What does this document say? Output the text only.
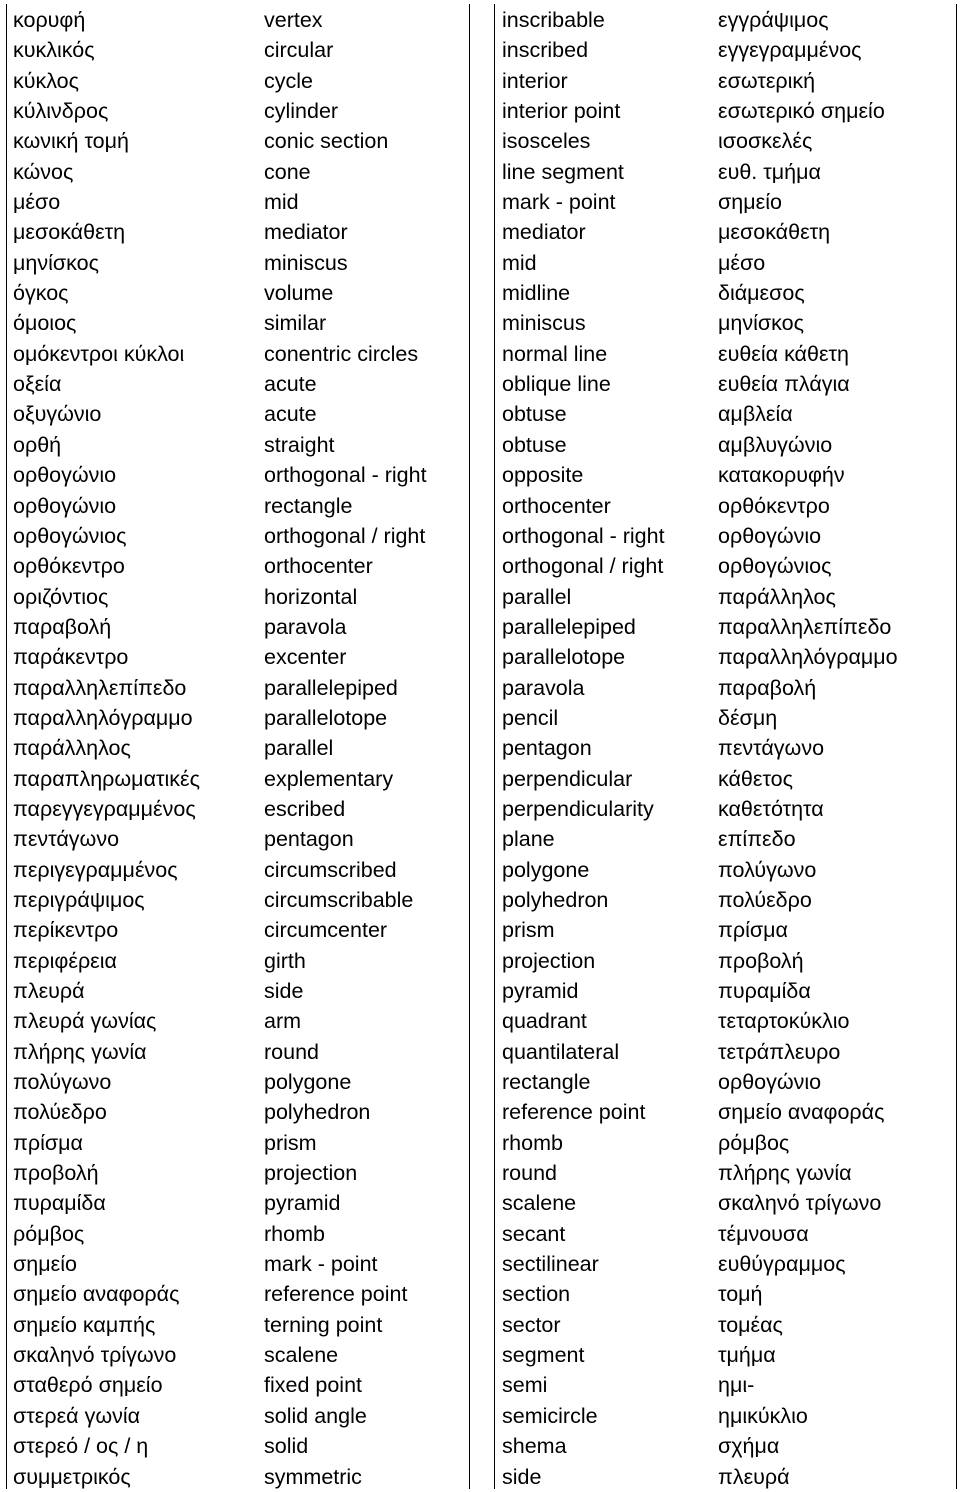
κορυφή
κυκλικός
κύκλος
κύλινδρος
κωνική τομή
κώνος
μέσο
μεσοκάθετη
μηνίσκος
όγκος
όμοιος
ομόκεντροι κύκλοι
οξεία
οξυγώνιο
ορθή
ορθογώνιο
ορθογώνιο
ορθογώνιος
ορθόκεντρο
οριζόντιος
παραβολή
παράκεντρο
παραλληλεπίπεδο
παραλληλόγραμμο
παράλληλος
παραπληρωματικές
παρεγγεγραμμένος
πεντάγωνο
περιγεγραμμένος
περιγράψιμος
περίκεντρο
περιφέρεια
πλευρά
πλευρά γωνίας
πλήρης γωνία
πολύγωνο
πολύεδρο
πρίσμα
προβολή
πυραμίδα
ρόμβος
σημείο
σημείο αναφοράς
σημείο καμπής
σκαληνό τρίγωνο
σταθερό σημείο
στερεά γωνία
στερεό / ος / η
συμμετρικός
vertex
circular
cycle
cylinder
conic section
cone
mid
mediator
miniscus
volume
similar
conentric circles
acute
acute
straight
orthogonal - right
rectangle
orthogonal / right
orthocenter
horizontal
paravola
excenter
parallelepiped
parallelotope
parallel
explementary
escribed
pentagon
circumscribed
circumscribable
circumcenter
girth
side
arm
round
polygone
polyhedron
prism
projection
pyramid
rhomb
mark - point
reference point
terning point
scalene
fixed point
solid angle
solid
symmetric
inscribable
inscribed
interior
interior point
isosceles
line segment
mark - point
mediator
mid
midline
miniscus
normal line
oblique line
obtuse
obtuse
opposite
orthocenter
orthogonal - right
orthogonal / right
parallel
parallelepiped
parallelotope
paravola
pencil
pentagon
perpendicular
perpendicularity
plane
polygone
polyhedron
prism
projection
pyramid
quadrant
quantilateral
rectangle
reference point
rhomb
round
scalene
secant
sectilinear
section
sector
segment
semi
semicircle
shema
side
εγγράψιμος
εγγεγραμμένος
εσωτερική
εσωτερικό σημείο
ισοσκελές
ευθ. τμήμα
σημείο
μεσοκάθετη
μέσο
διάμεσος
μηνίσκος
ευθεία κάθετη
ευθεία πλάγια
αμβλεία
αμβλυγώνιο
κατακορυφήν
ορθόκεντρο
ορθογώνιο
ορθογώνιος
παράλληλος
παραλληλεπίπεδο
παραλληλόγραμμο
παραβολή
δέσμη
πεντάγωνο
κάθετος
καθετότητα
επίπεδο
πολύγωνο
πολύεδρο
πρίσμα
προβολή
πυραμίδα
τεταρτοκύκλιο
τετράπλευρο
ορθογώνιο
σημείο αναφοράς
ρόμβος
πλήρης γωνία
σκαληνό τρίγωνο
τέμνουσα
ευθύγραμμος
τομή
τομέας
τμήμα
ημι-
ημικύκλιο
σχήμα
πλευρά
